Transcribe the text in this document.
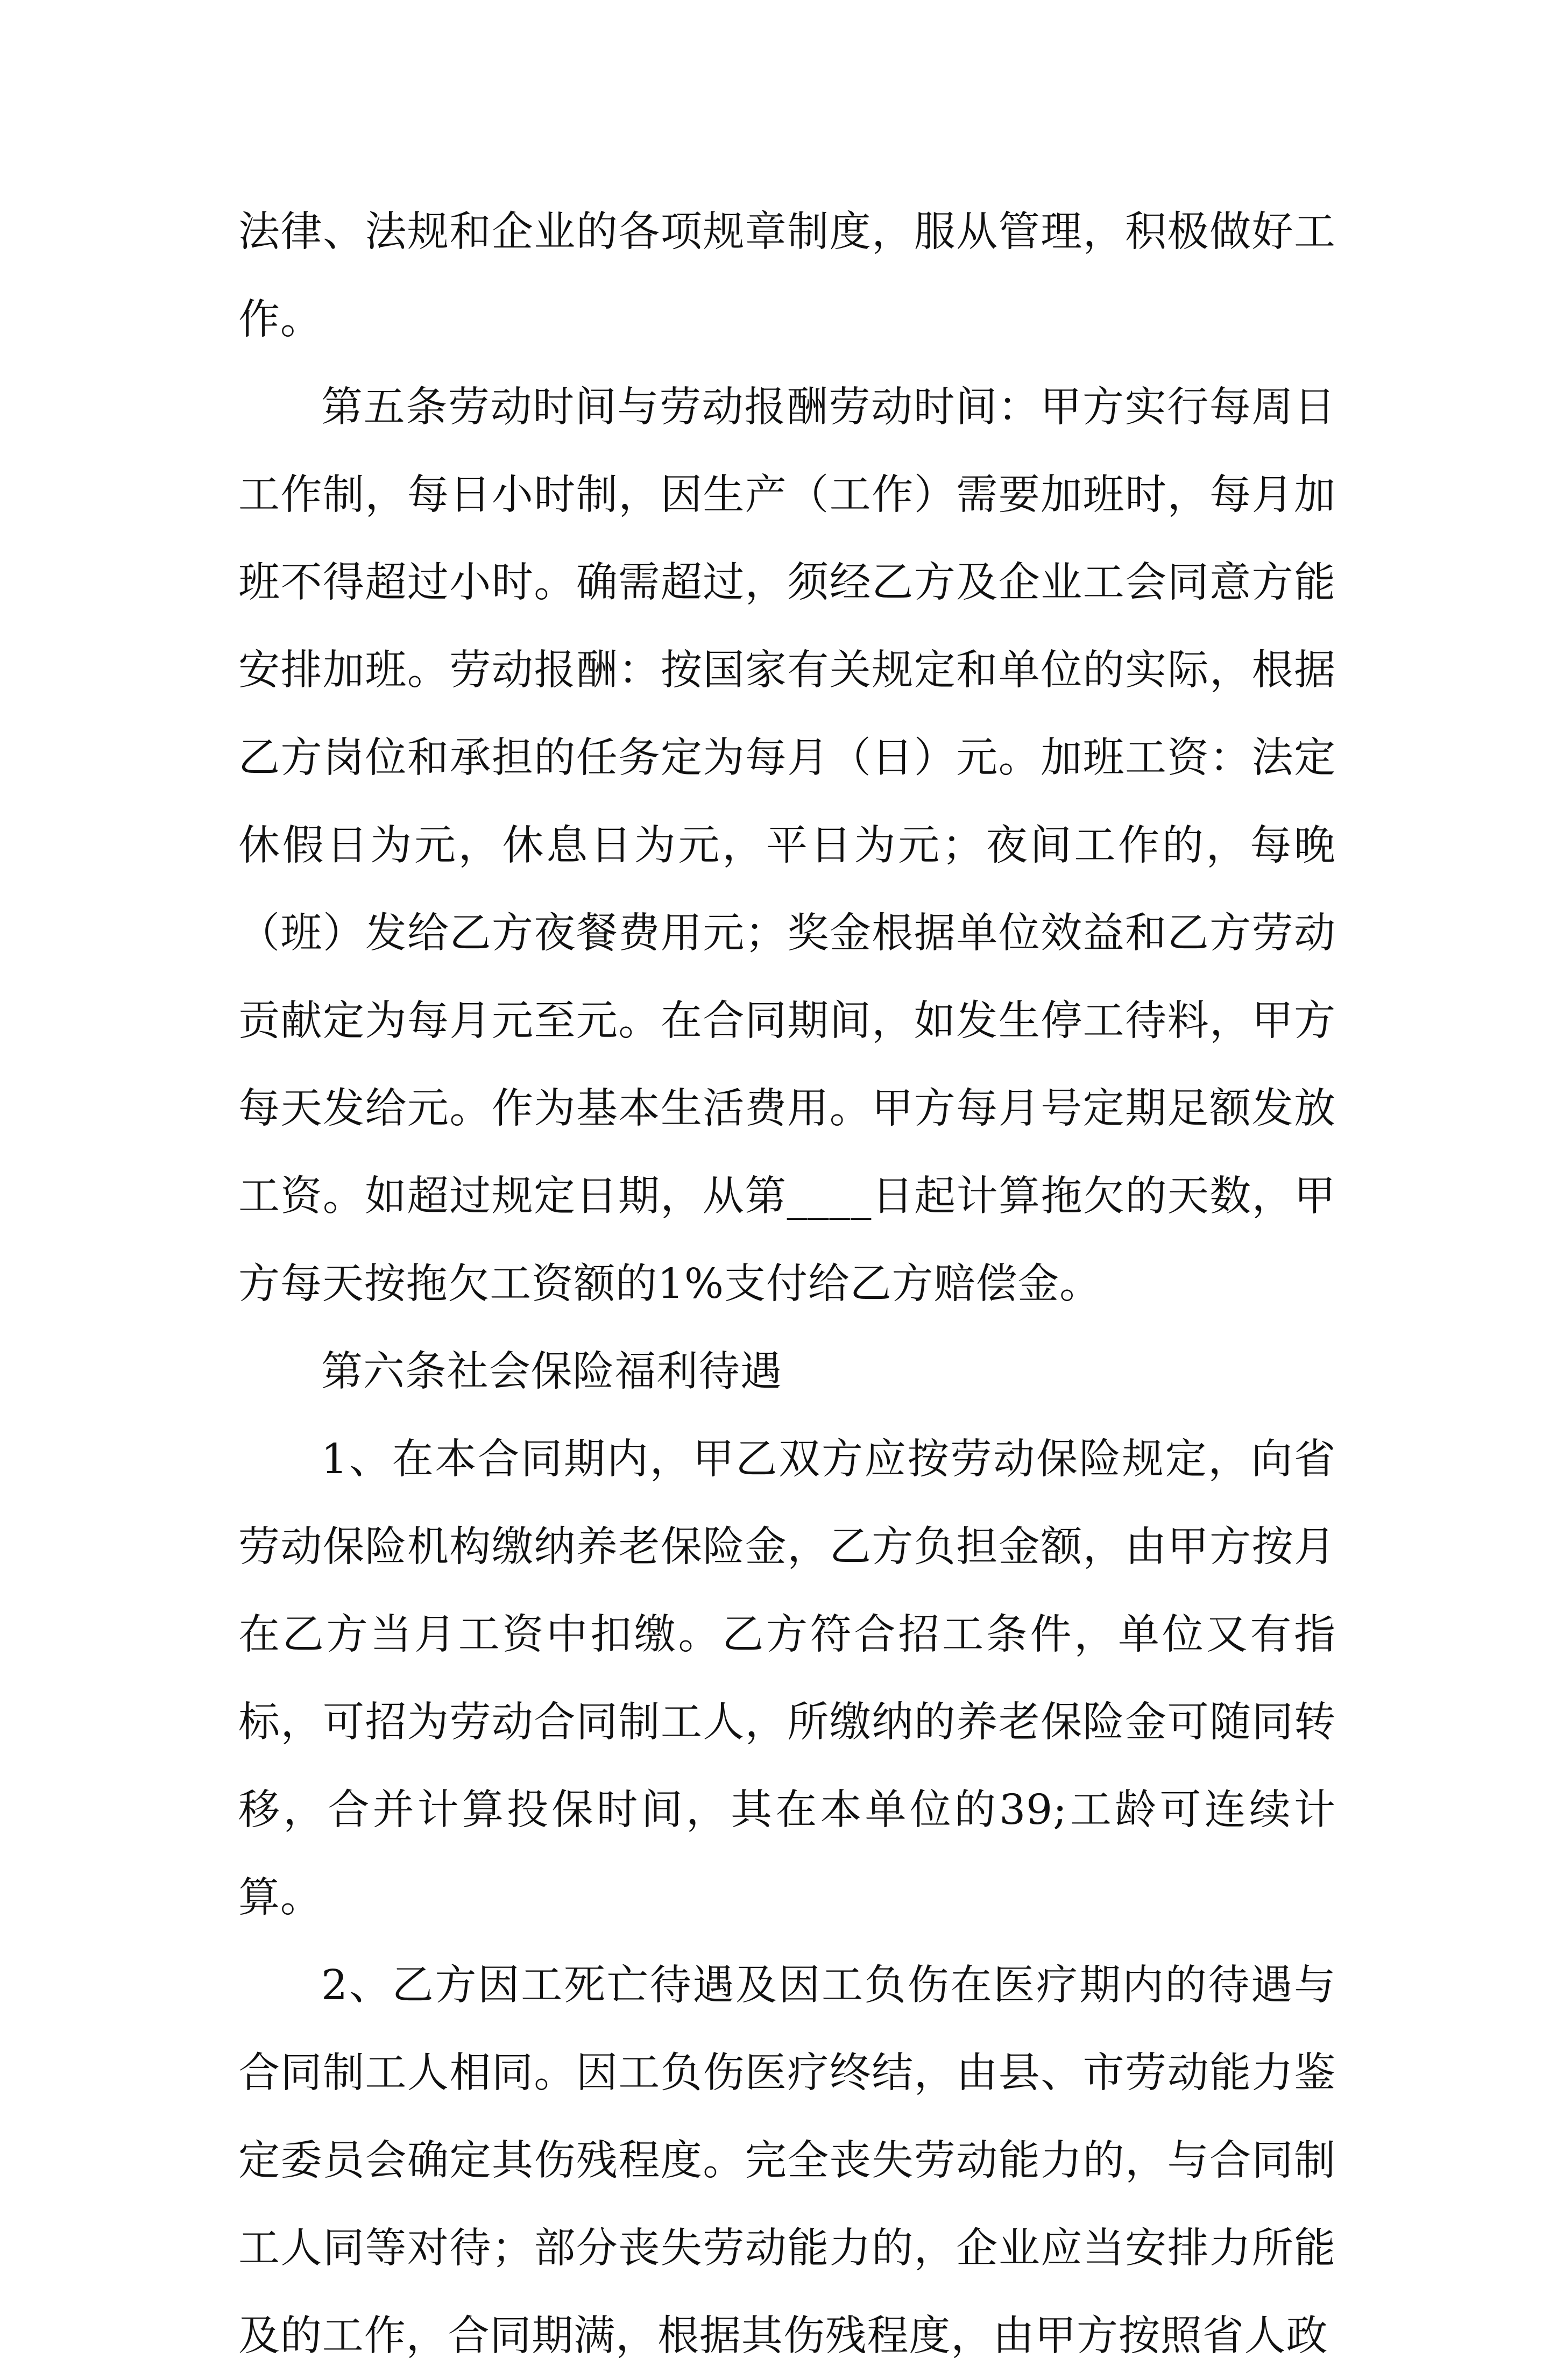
法律、法规和企业的各项规章制度，服从管理，积极做好工作。

第五条劳动时间与劳动报酬劳动时间：甲方实行每周日工作制，每日小时制，因生产（工作）需要加班时，每月加班不得超过小时。确需超过，须经乙方及企业工会同意方能安排加班。劳动报酬：按国家有关规定和单位的实际，根据乙方岗位和承担的任务定为每月（日）元。加班工资：法定休假日为元，休息日为元，平日为元；夜间工作的，每晚（班）发给乙方夜餐费用元；奖金根据单位效益和乙方劳动贡献定为每月元至元。在合同期间，如发生停工待料，甲方每天发给元。作为基本生活费用。甲方每月号定期足额发放工资。如超过规定日期，从第____日起计算拖欠的天数，甲方每天按拖欠工资额的1%支付给乙方赔偿金。

第六条社会保险福利待遇

1、在本合同期内，甲乙双方应按劳动保险规定，向省劳动保险机构缴纳养老保险金，乙方负担金额，由甲方按月在乙方当月工资中扣缴。乙方符合招工条件，单位又有指标，可招为劳动合同制工人，所缴纳的养老保险金可随同转移，合并计算投保时间，其在本单位的39;工龄可连续计算。

2、乙方因工死亡待遇及因工负伤在医疗期内的待遇与合同制工人相同。因工负伤医疗终结，由县、市劳动能力鉴定委员会确定其伤残程度。完全丧失劳动能力的，与合同制工人同等对待；部分丧失劳动能力的，企业应当安排力所能及的工作，合同期满，根据其伤残程度，由甲方按照省人政
